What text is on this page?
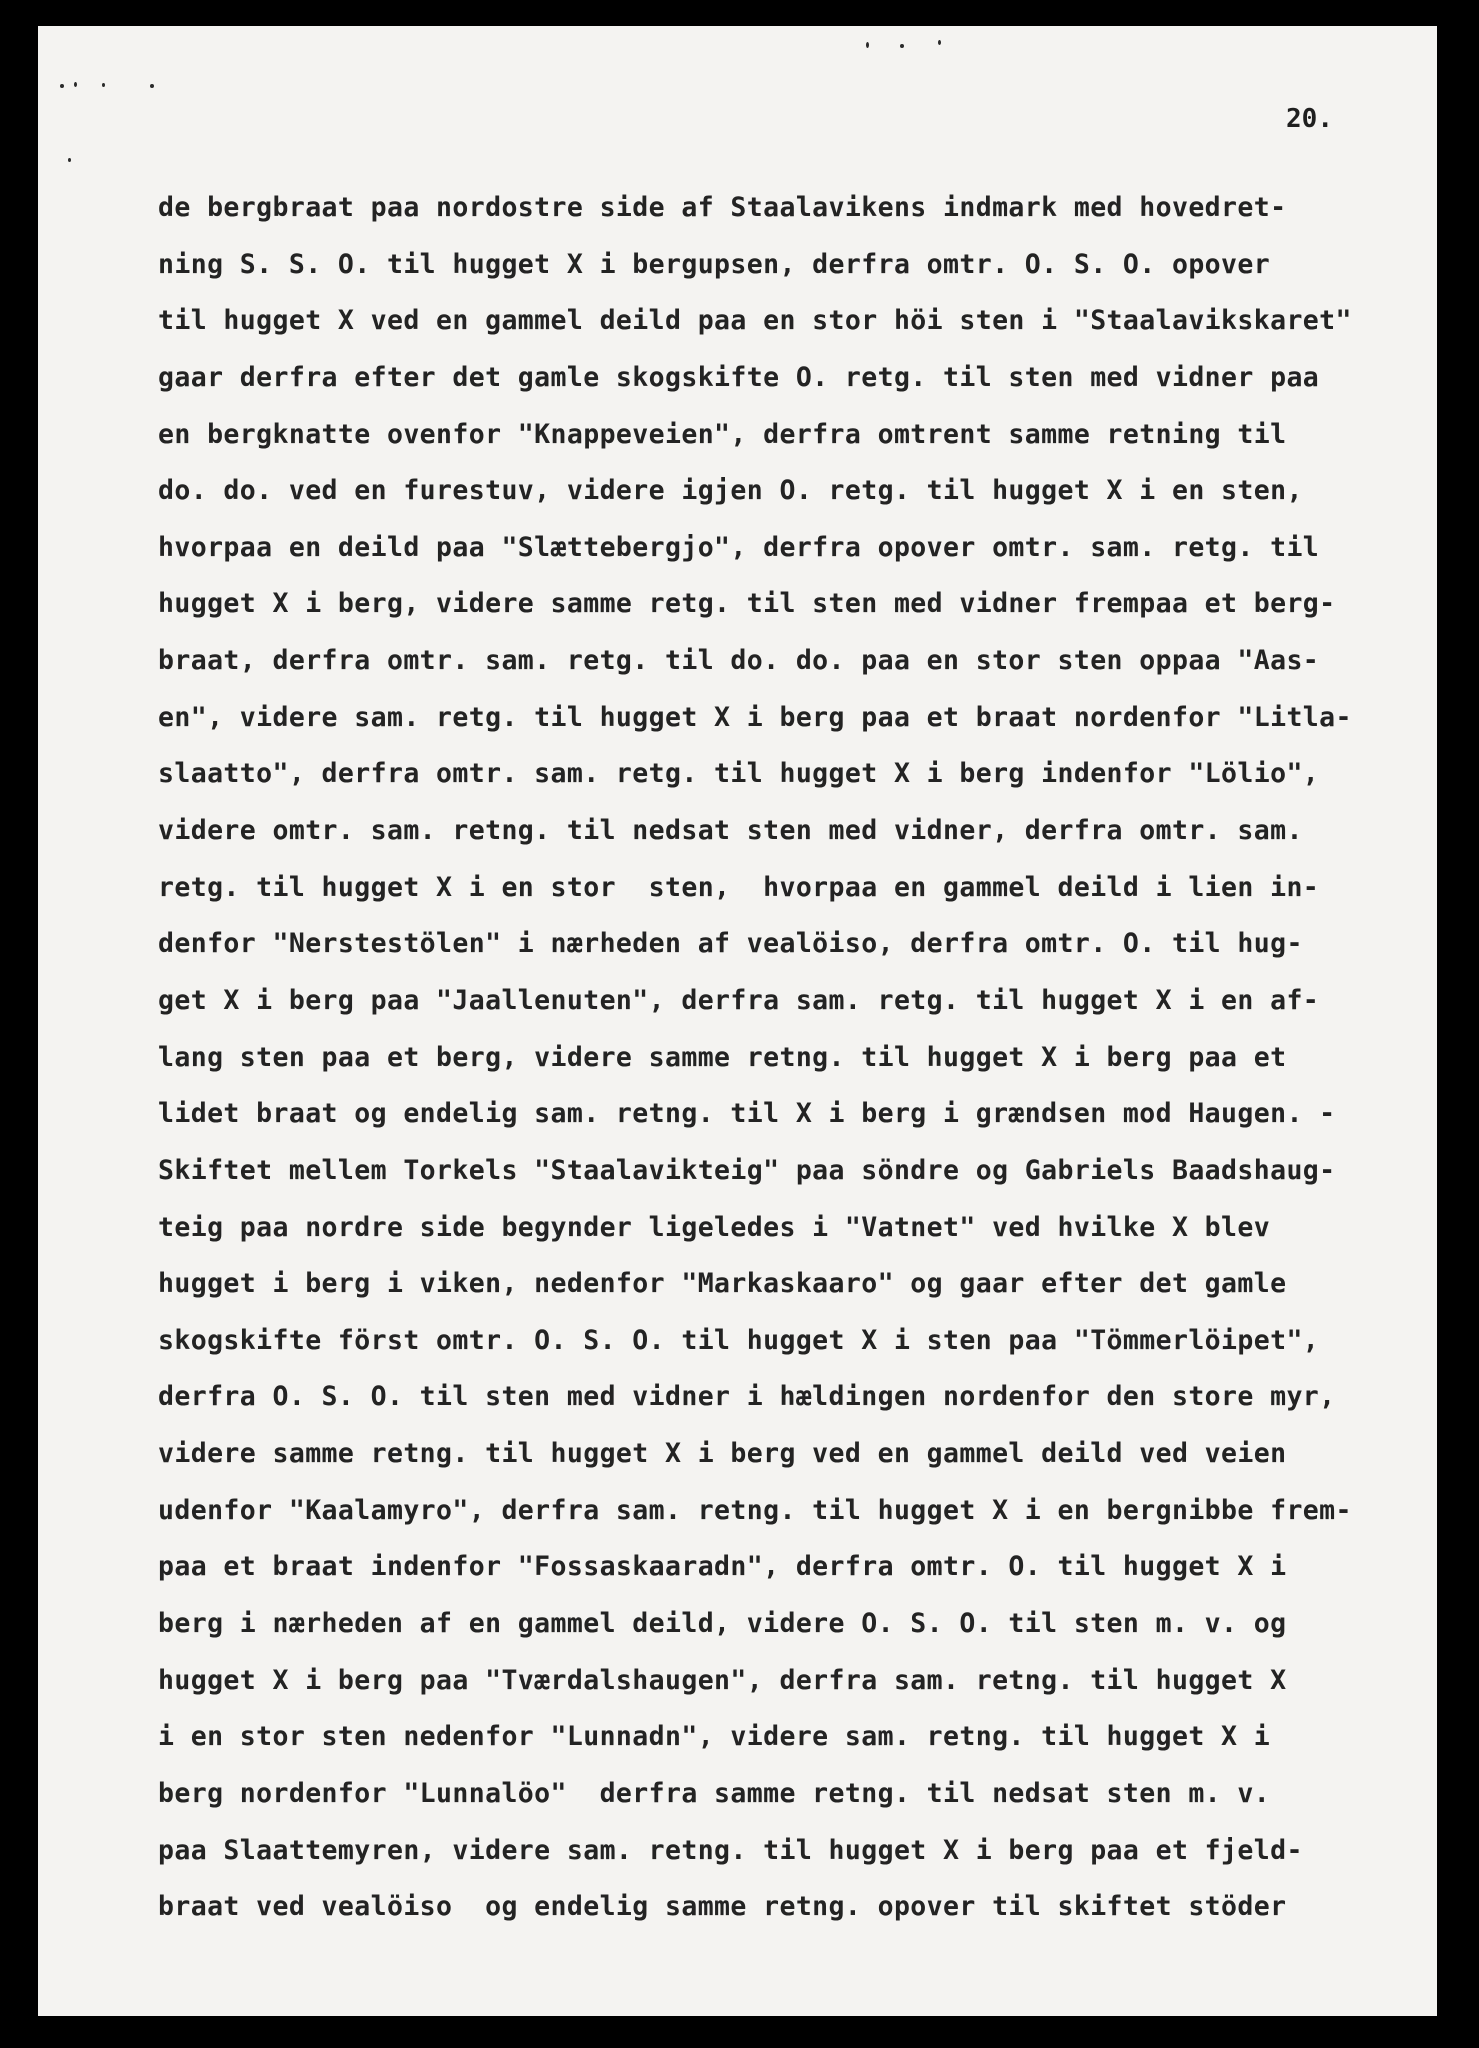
20.
de bergbraat paa nordostre side af Staalavikens indmark med hovedret-
ning S. S. O. til hugget X i bergupsen, derfra omtr. O. S. O. opover
til hugget X ved en gammel deild paa en stor höi sten i "Staalavikskaret"
gaar derfra efter det gamle skogskifte O. retg. til sten med vidner paa
en bergknatte ovenfor "Knappeveien", derfra omtrent samme retning til
do. do. ved en furestuv, videre igjen O. retg. til hugget X i en sten,
hvorpaa en deild paa "Slættebergjo", derfra opover omtr. sam. retg. til
hugget X i berg, videre samme retg. til sten med vidner frempaa et berg-
braat, derfra omtr. sam. retg. til do. do. paa en stor sten oppaa "Aas-
en", videre sam. retg. til hugget X i berg paa et braat nordenfor "Litla-
slaatto", derfra omtr. sam. retg. til hugget X i berg indenfor "Lölio",
videre omtr. sam. retng. til nedsat sten med vidner, derfra omtr. sam.
retg. til hugget X i en stor  sten,  hvorpaa en gammel deild i lien in-
denfor "Nerstestölen" i nærheden af vealöiso, derfra omtr. O. til hug-
get X i berg paa "Jaallenuten", derfra sam. retg. til hugget X i en af-
lang sten paa et berg, videre samme retng. til hugget X i berg paa et
lidet braat og endelig sam. retng. til X i berg i grændsen mod Haugen. -
Skiftet mellem Torkels "Staalavikteig" paa söndre og Gabriels Baadshaug-
teig paa nordre side begynder ligeledes i "Vatnet" ved hvilke X blev
hugget i berg i viken, nedenfor "Markaskaaro" og gaar efter det gamle
skogskifte först omtr. O. S. O. til hugget X i sten paa "Tömmerlöipet",
derfra O. S. O. til sten med vidner i hældingen nordenfor den store myr,
videre samme retng. til hugget X i berg ved en gammel deild ved veien
udenfor "Kaalamyro", derfra sam. retng. til hugget X i en bergnibbe frem-
paa et braat indenfor "Fossaskaaradn", derfra omtr. O. til hugget X i
berg i nærheden af en gammel deild, videre O. S. O. til sten m. v. og
hugget X i berg paa "Tværdalshaugen", derfra sam. retng. til hugget X
i en stor sten nedenfor "Lunnadn", videre sam. retng. til hugget X i
berg nordenfor "Lunnalöo"  derfra samme retng. til nedsat sten m. v.
paa Slaattemyren, videre sam. retng. til hugget X i berg paa et fjeld-
braat ved vealöiso  og endelig samme retng. opover til skiftet stöder
